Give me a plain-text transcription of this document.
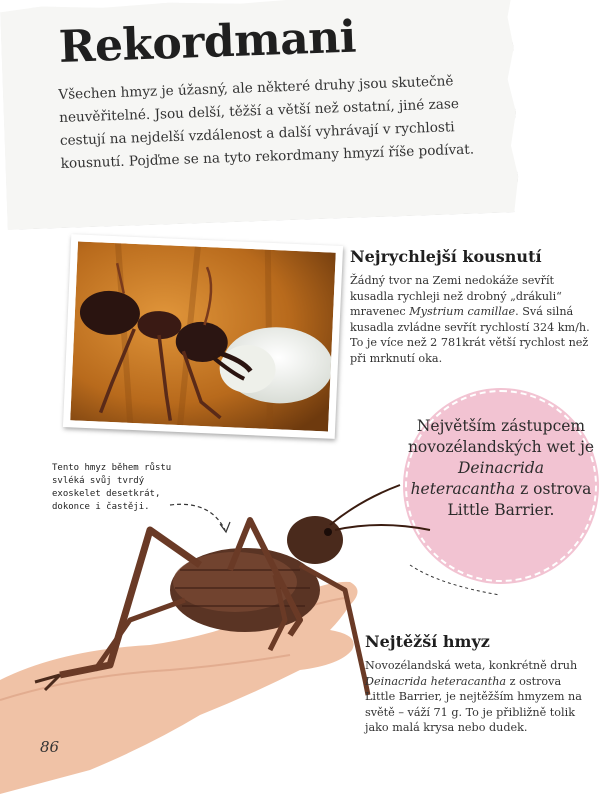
Rekordmani

Všechen hmyz je úžasný, ale některé druhy jsou skutečně neuvěřitelné. Jsou delší, těžší a větší než ostatní, jiné zase cestují na nejdelší vzdálenost a další vyhrávají v rychlosti kousnutí. Pojďme se na tyto rekordmany hmyzí říše podívat.

Nejrychlejší kousnutí

Žádný tvor na Zemi nedokáže sevřít kusadla rychleji než drobný „drákuli“ mravenec Mystrium camillae. Svá silná kusadla zvládne sevřít rychlostí 324 km/h. To je více než 2 781krát větší rychlost než při mrknutí oka.

Největším zástupcem novozélandských wet je Deinacrida heteracantha z ostrova Little Barrier.

Tento hmyz během růstu svléká svůj tvrdý exoskelet desetkrát, dokonce i častěji.

Nejtěžší hmyz

Novozélandská weta, konkrétně druh Deinacrida heteracantha z ostrova Little Barrier, je nejtěžším hmyzem na světě – váží 71 g. To je přibližně tolik jako malá krysa nebo dudek.

86
